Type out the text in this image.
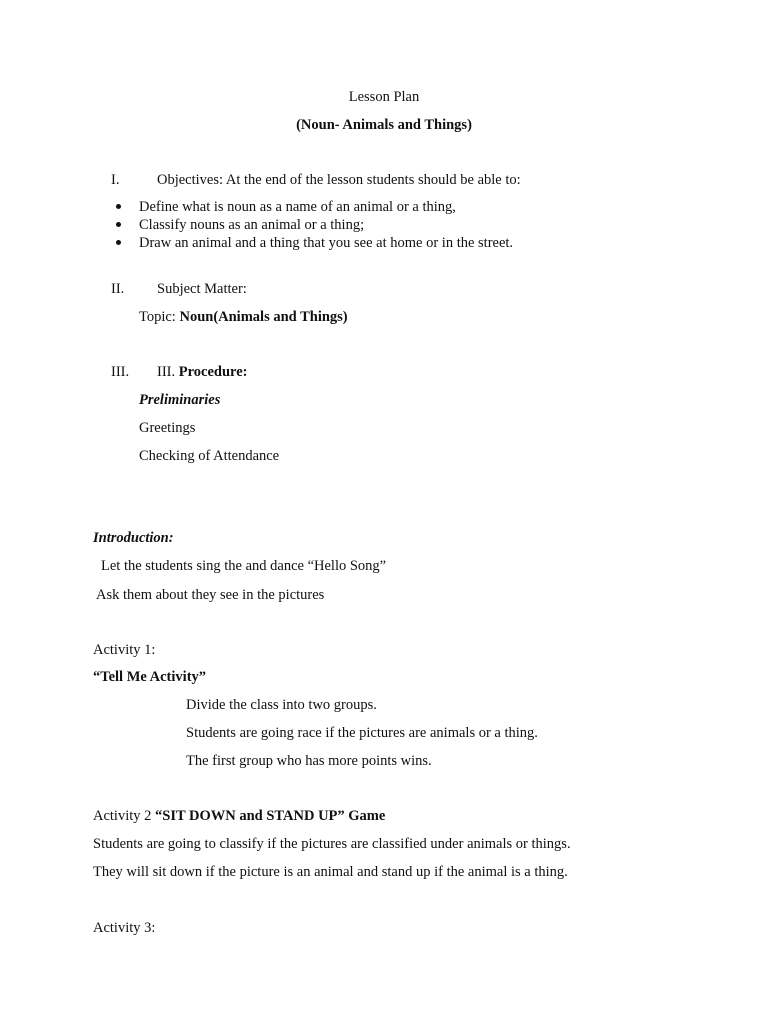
Lesson Plan
(Noun- Animals and Things)
I.	Objectives: At the end of the lesson students should be able to:
Define what is noun as a name of an animal or a thing,
Classify nouns as an animal or a thing;
Draw an animal and a thing that you see at home or in the street.
II. Subject Matter:
Topic: Noun(Animals and Things)
III. III. Procedure:
Preliminaries
Greetings
Checking of Attendance
Introduction:
Let the students sing the and dance “Hello Song”
Ask them about they see in the pictures
Activity 1:
“Tell Me Activity”
Divide the class into two groups.
Students are going race if the pictures are animals or a thing.
The first group who has more points wins.
Activity 2 “SIT DOWN and STAND UP” Game
Students are going to classify if the pictures are classified under animals or things.
They will sit down if the picture is an animal and stand up if the animal is a thing.
Activity 3:
